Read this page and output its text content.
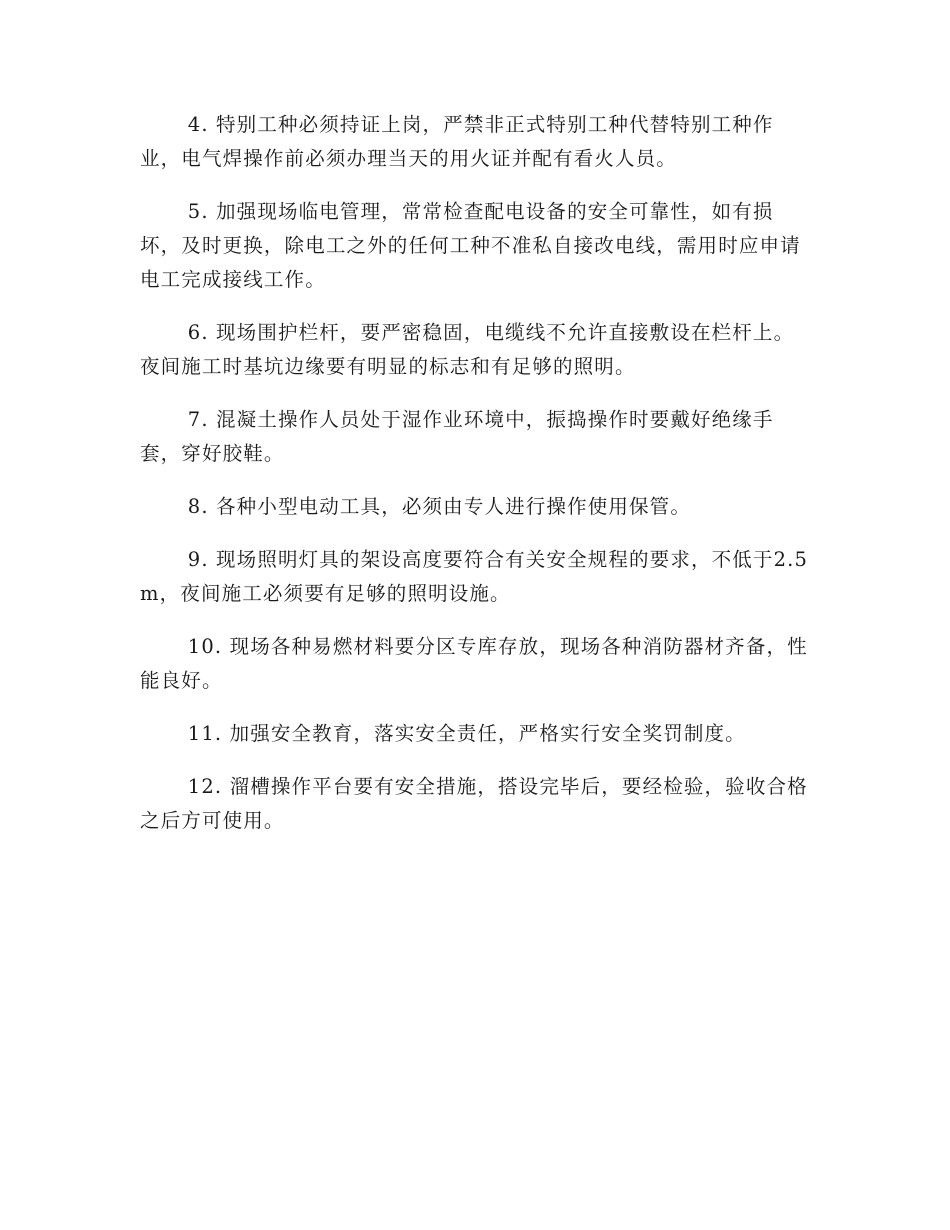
4. 特别工种必须持证上岗，严禁非正式特别工种代替特别工种作业，电气焊操作前必须办理当天的用火证并配有看火人员。

5. 加强现场临电管理，常常检查配电设备的安全可靠性，如有损坏，及时更换，除电工之外的任何工种不准私自接改电线，需用时应申请电工完成接线工作。

6. 现场围护栏杆，要严密稳固，电缆线不允许直接敷设在栏杆上。夜间施工时基坑边缘要有明显的标志和有足够的照明。

7. 混凝土操作人员处于湿作业环境中，振捣操作时要戴好绝缘手套，穿好胶鞋。

8. 各种小型电动工具，必须由专人进行操作使用保管。

9. 现场照明灯具的架设高度要符合有关安全规程的要求，不低于2.5m，夜间施工必须要有足够的照明设施。

10. 现场各种易燃材料要分区专库存放，现场各种消防器材齐备，性能良好。

11. 加强安全教育，落实安全责任，严格实行安全奖罚制度。

12. 溜槽操作平台要有安全措施，搭设完毕后，要经检验，验收合格之后方可使用。
